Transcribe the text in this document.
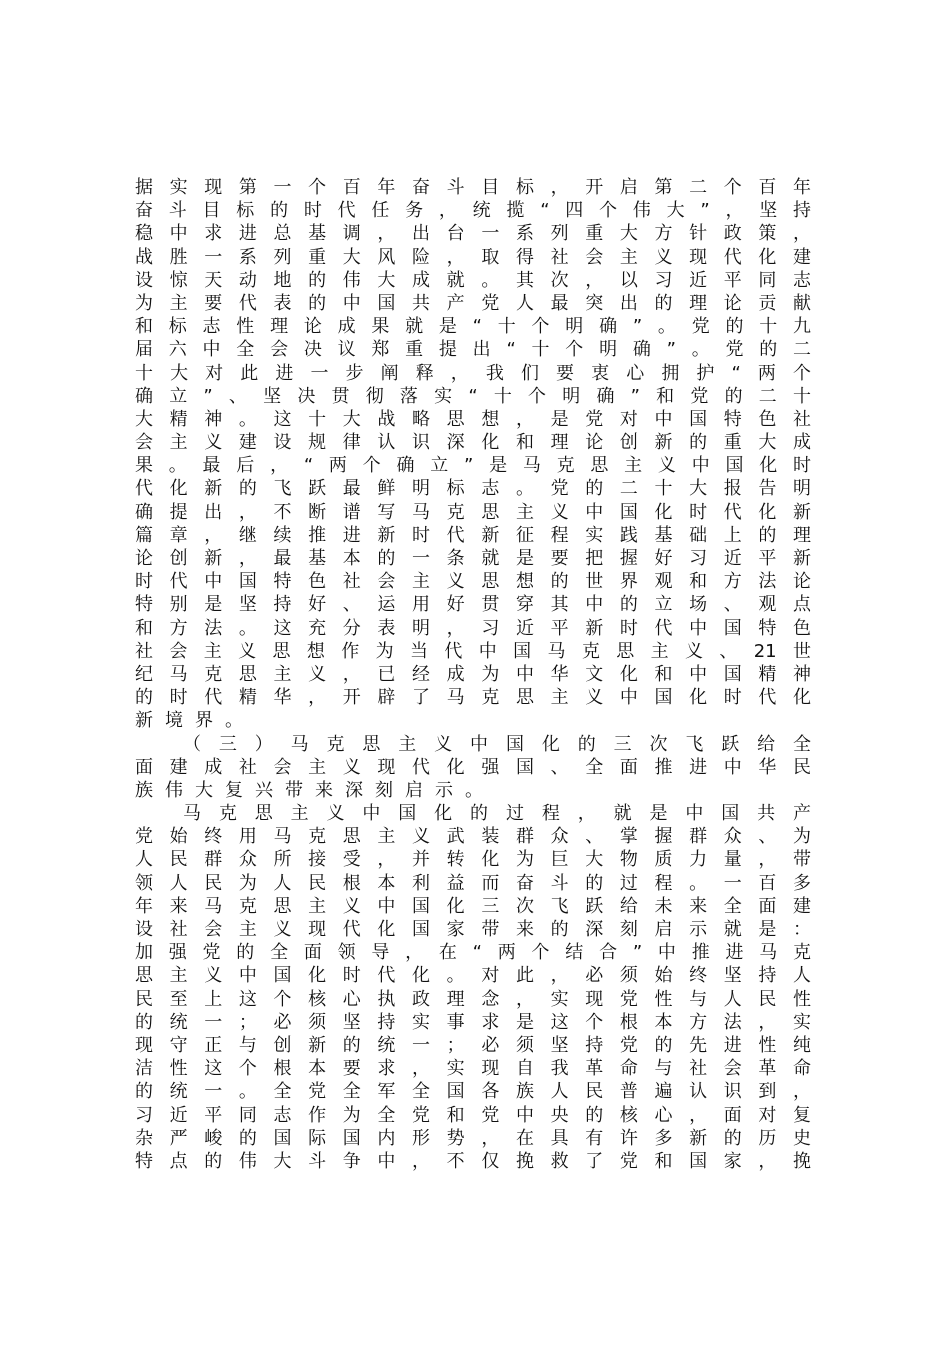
据实现第一个百年奋斗目标，开启第二个百年
奋斗目标的时代任务，统揽“四个伟大”，坚持
稳中求进总基调，出台一系列重大方针政策，
战胜一系列重大风险，取得社会主义现代化建
设惊天动地的伟大成就。其次，以习近平同志
为主要代表的中国共产党人最突出的理论贡献
和标志性理论成果就是“十个明确”。党的十九
届六中全会决议郑重提出“十个明确”。党的二
十大对此进一步阐释，我们要衷心拥护“两个
确立”、坚决贯彻落实“十个明确”和党的二十
大精神。这十大战略思想，是党对中国特色社
会主义建设规律认识深化和理论创新的重大成
果。最后，“两个确立”是马克思主义中国化时
代化新的飞跃最鲜明标志。党的二十大报告明
确提出，不断谱写马克思主义中国化时代化新
篇章，继续推进新时代新征程实践基础上的理
论创新，最基本的一条就是要把握好习近平新
时代中国特色社会主义思想的世界观和方法论
特别是坚持好、运用好贯穿其中的立场、观点
和方法。这充分表明，习近平新时代中国特色
社会主义思想作为当代中国马克思主义、21世
纪马克思主义，已经成为中华文化和中国精神
的时代精华，开辟了马克思主义中国化时代化
新境界。
（三）马克思主义中国化的三次飞跃给全
面建成社会主义现代化强国、全面推进中华民
族伟大复兴带来深刻启示。
马克思主义中国化的过程，就是中国共产
党始终用马克思主义武装群众、掌握群众、为
人民群众所接受，并转化为巨大物质力量，带
领人民为人民根本利益而奋斗的过程。一百多
年来马克思主义中国化三次飞跃给未来全面建
设社会主义现代化国家带来的深刻启示就是：
加强党的全面领导，在“两个结合”中推进马克
思主义中国化时代化。对此，必须始终坚持人
民至上这个核心执政理念，实现党性与人民性
的统一；必须坚持实事求是这个根本方法，实
现守正与创新的统一；必须坚持党的先进性纯
洁性这个根本要求，实现自我革命与社会革命
的统一。全党全军全国各族人民普遍认识到，
习近平同志作为全党和党中央的核心，面对复
杂严峻的国际国内形势，在具有许多新的历史
特点的伟大斗争中，不仅挽救了党和国家，挽
